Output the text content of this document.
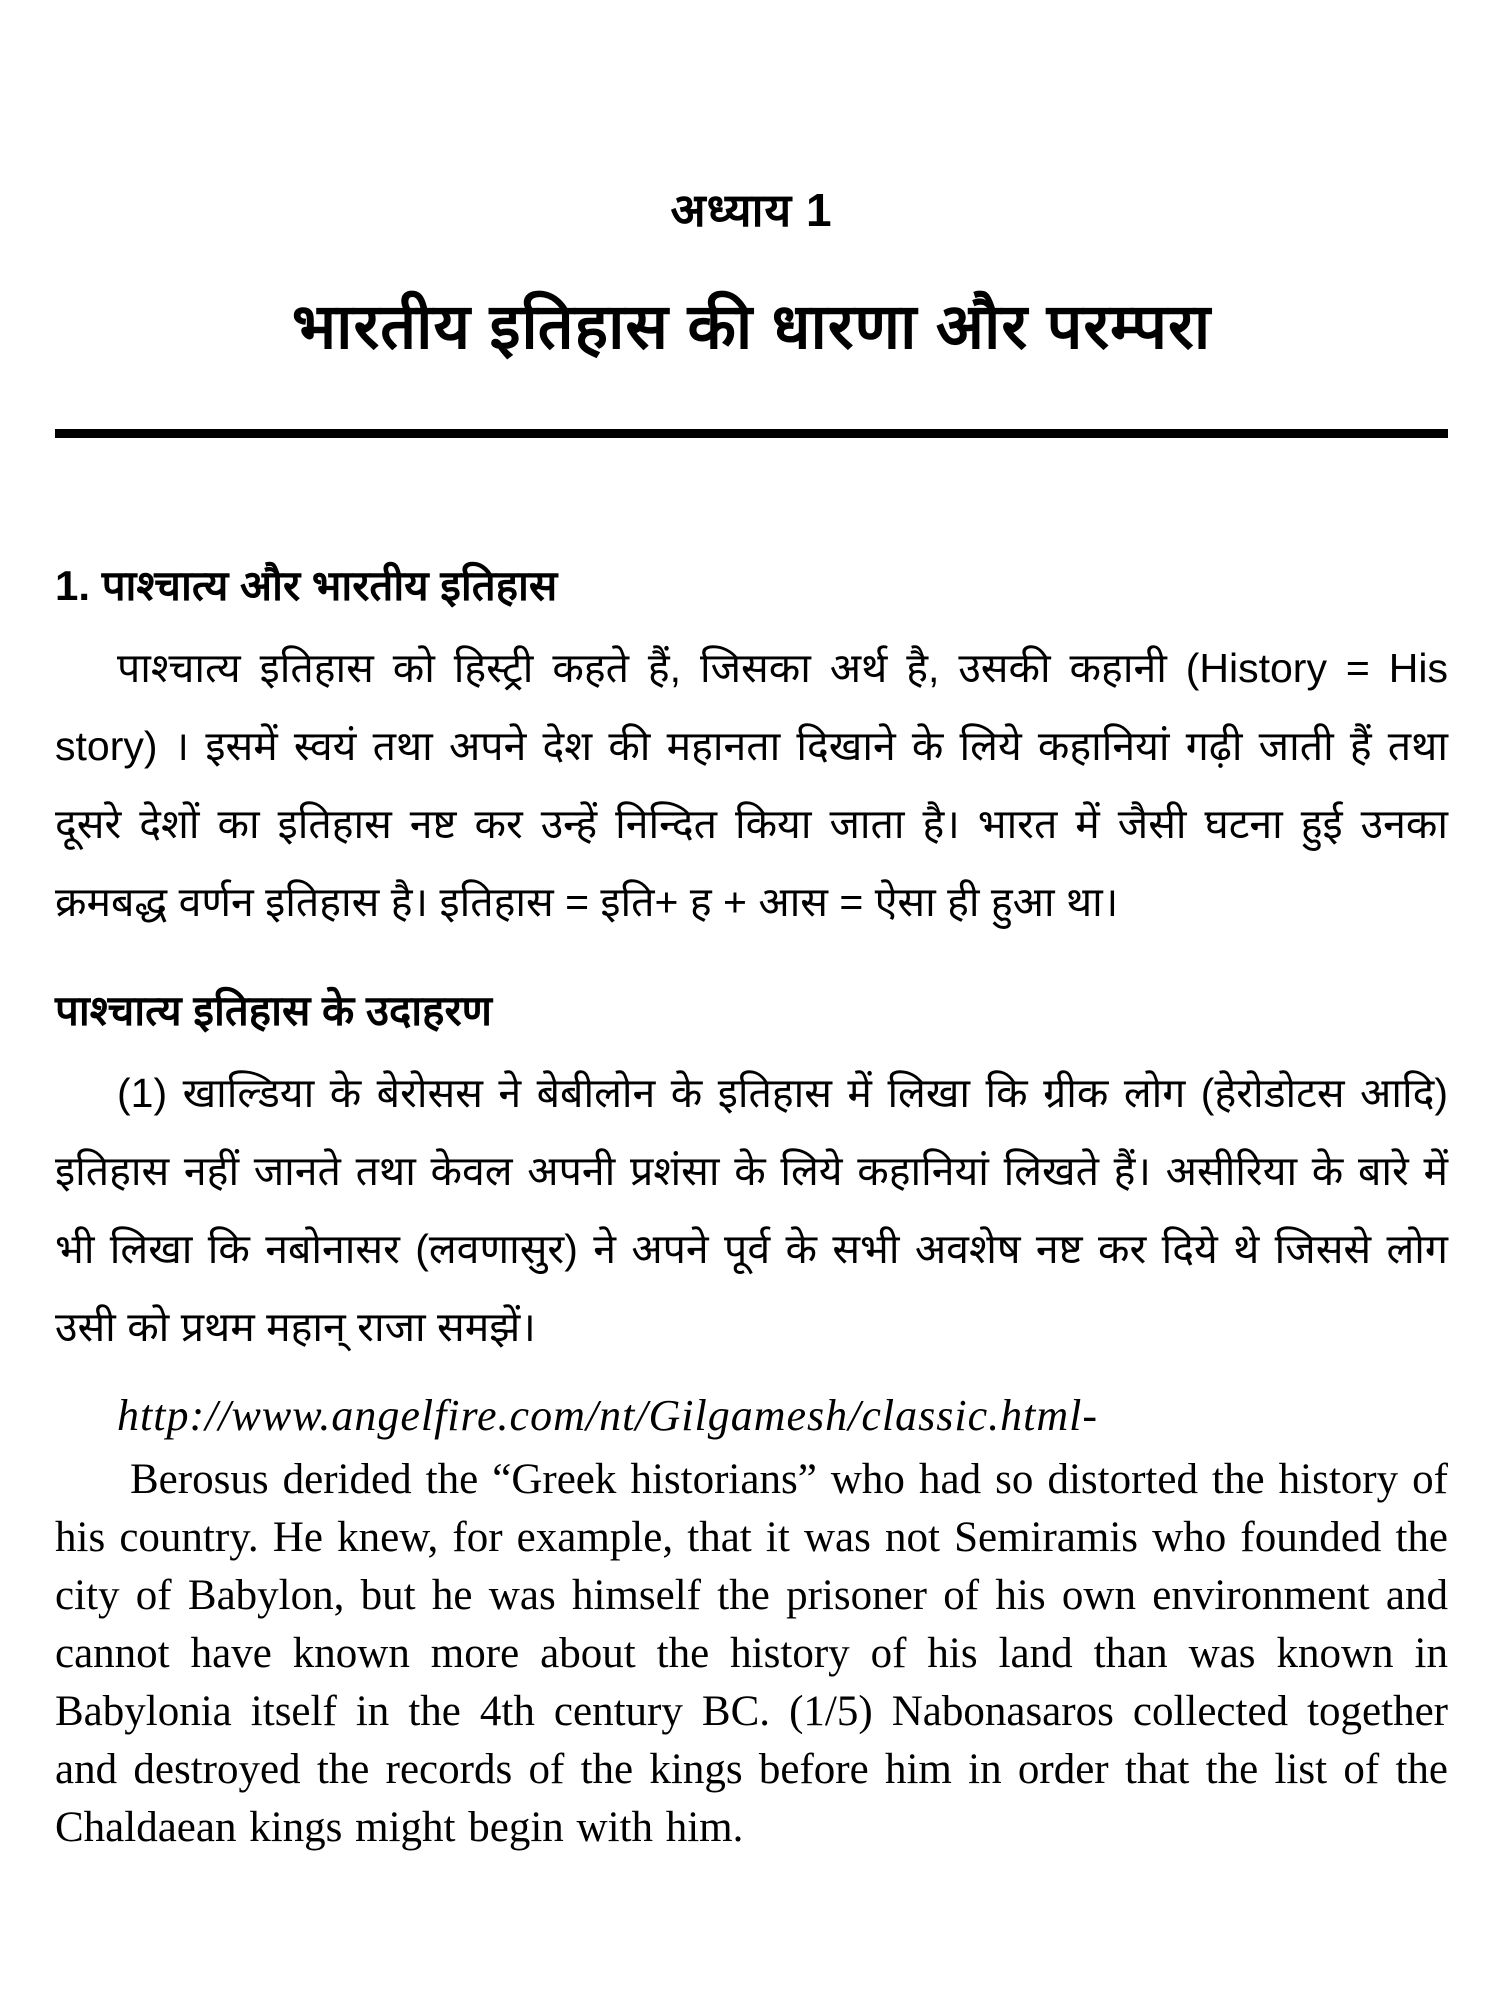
अध्याय 1
भारतीय इतिहास की धारणा और परम्परा
1. पाश्चात्य और भारतीय इतिहास

पाश्चात्य इतिहास को हिस्ट्री कहते हैं, जिसका अर्थ है, उसकी कहानी (History = His story) । इसमें स्वयं तथा अपने देश की महानता दिखाने के लिये कहानियां गढ़ी जाती हैं तथा दूसरे देशों का इतिहास नष्ट कर उन्हें निन्दित किया जाता है। भारत में जैसी घटना हुई उनका क्रमबद्ध वर्णन इतिहास है। इतिहास = इति+ ह + आस = ऐसा ही हुआ था।

पाश्चात्य इतिहास के उदाहरण

(1) खाल्डिया के बेरोसस ने बेबीलोन के इतिहास में लिखा कि ग्रीक लोग (हेरोडोटस आदि) इतिहास नहीं जानते तथा केवल अपनी प्रशंसा के लिये कहानियां लिखते हैं। असीरिया के बारे में भी लिखा कि नबोनासर (लवणासुर) ने अपने पूर्व के सभी अवशेष नष्ट कर दिये थे जिससे लोग उसी को प्रथम महान् राजा समझें।

http://www.angelfire.com/nt/Gilgamesh/classic.html-

Berosus derided the “Greek historians” who had so distorted the history of his country. He knew, for example, that it was not Semiramis who founded the city of Babylon, but he was himself the prisoner of his own environment and cannot have known more about the history of his land than was known in Babylonia itself in the 4th century BC. (1/5) Nabonasaros collected together and destroyed the records of the kings before him in order that the list of the Chaldaean kings might begin with him.
